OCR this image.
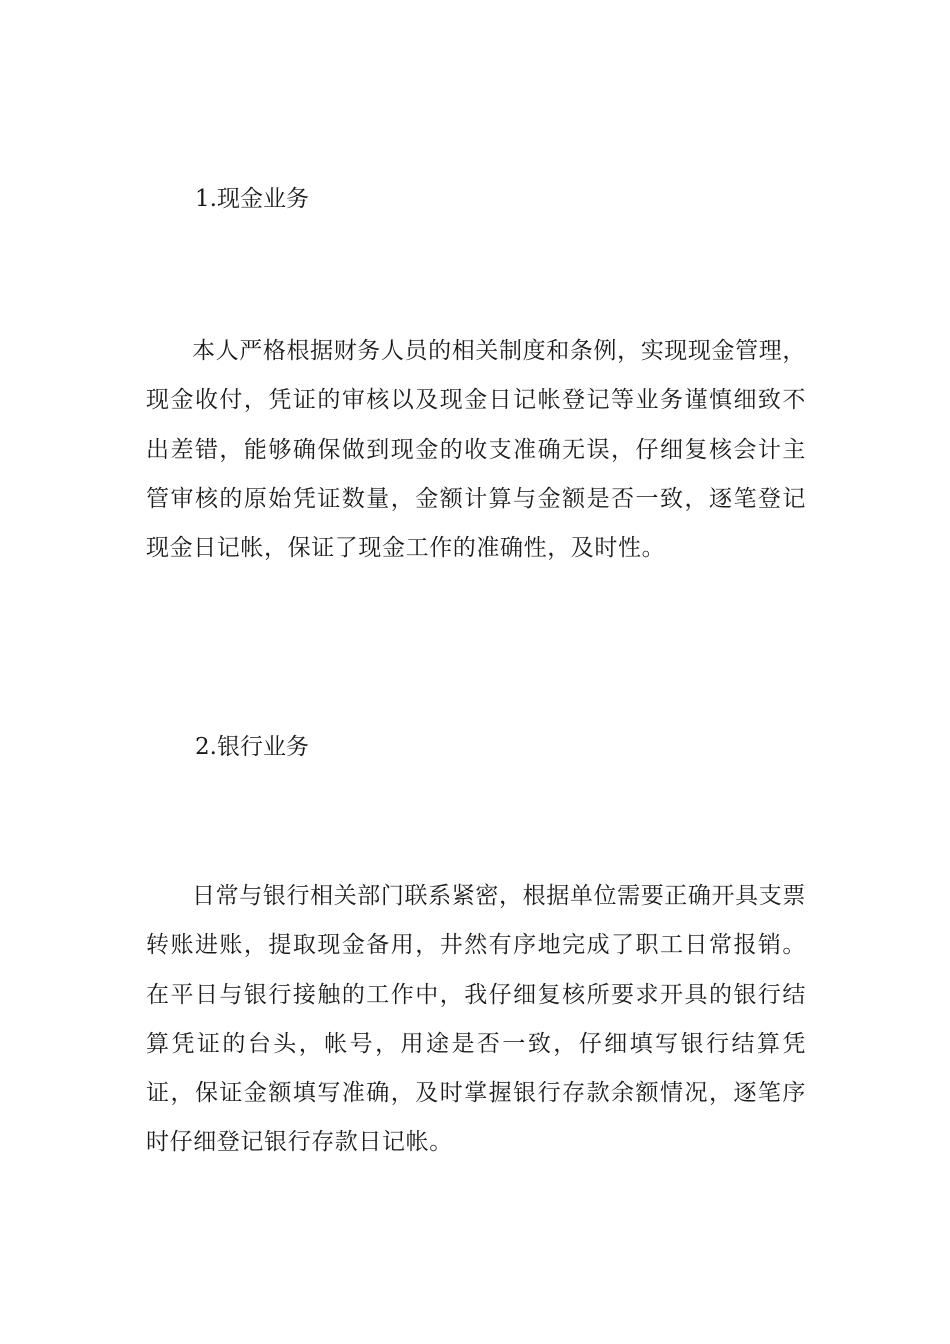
1.现金业务

本人严格根据财务人员的相关制度和条例，实现现金管理，现金收付，凭证的审核以及现金日记帐登记等业务谨慎细致不出差错，能够确保做到现金的收支准确无误，仔细复核会计主管审核的原始凭证数量，金额计算与金额是否一致，逐笔登记现金日记帐，保证了现金工作的准确性，及时性。

2.银行业务

日常与银行相关部门联系紧密，根据单位需要正确开具支票转账进账，提取现金备用，井然有序地完成了职工日常报销。在平日与银行接触的工作中，我仔细复核所要求开具的银行结算凭证的台头，帐号，用途是否一致，仔细填写银行结算凭证，保证金额填写准确，及时掌握银行存款余额情况，逐笔序时仔细登记银行存款日记帐。
